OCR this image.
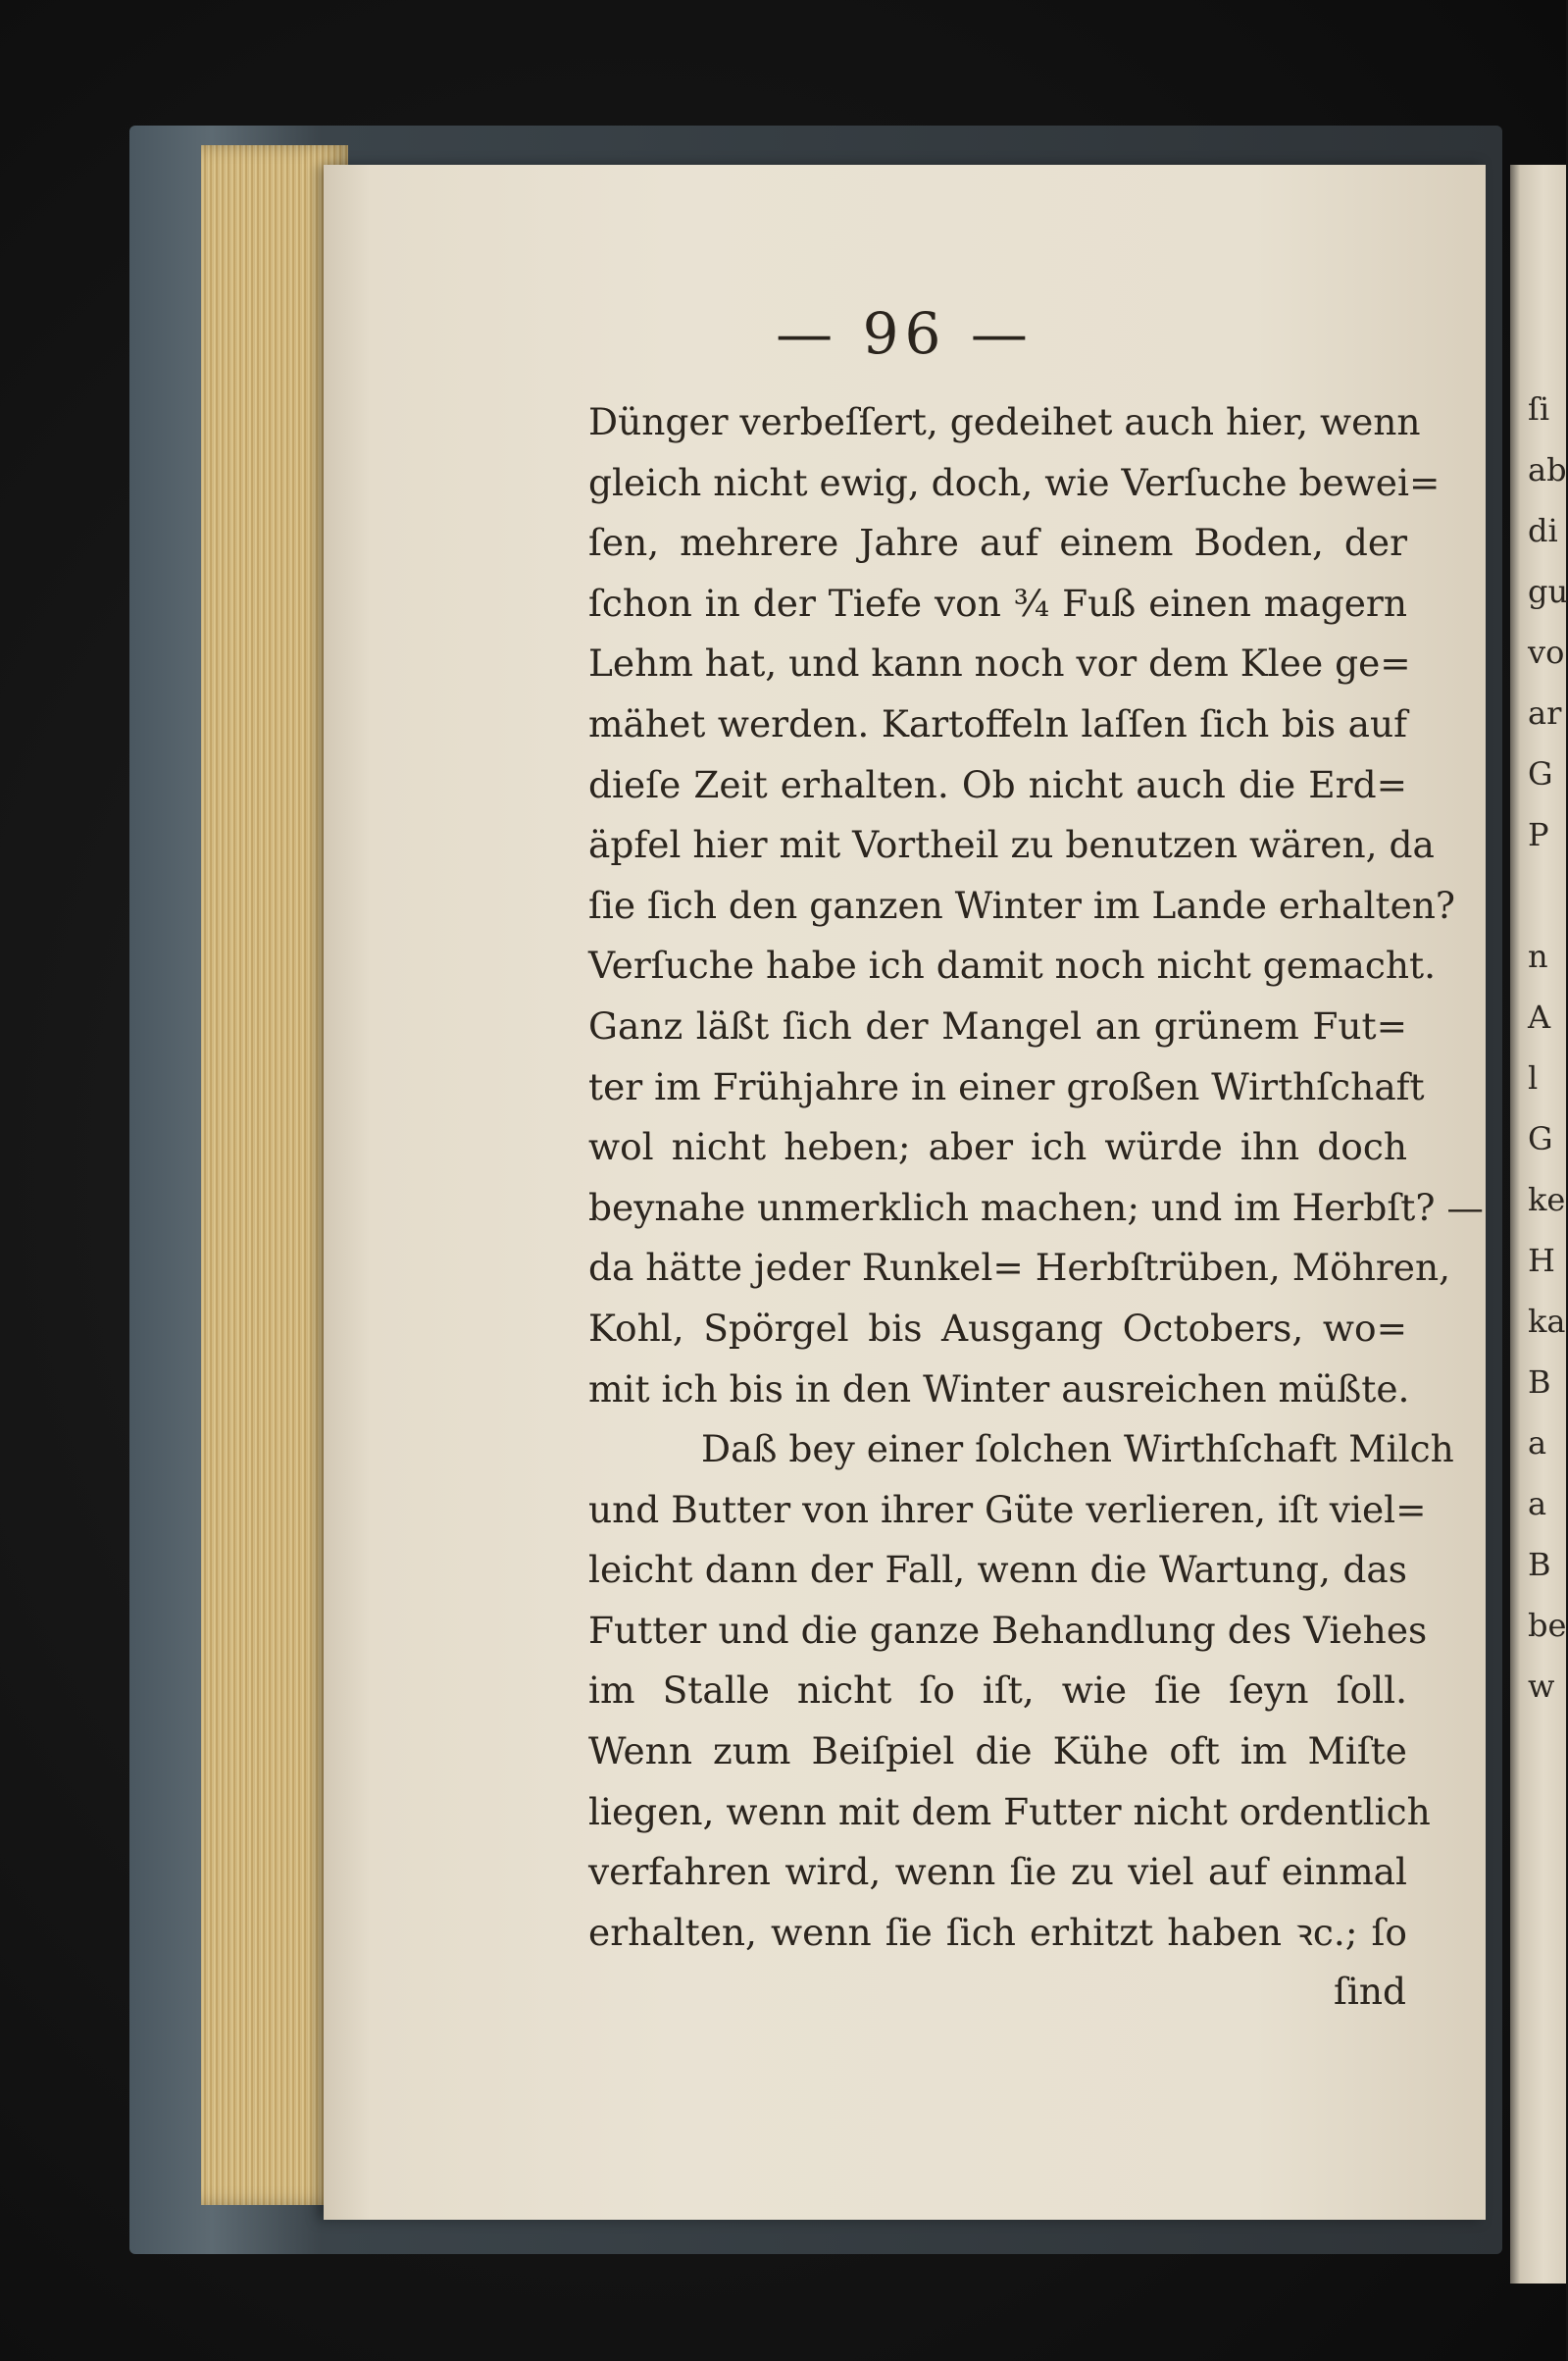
ſi
ab
di
gu
vo
ar
G
P
n
A
l
G
ke
H
ka
B
a
a
B
be
w
— 96 —
Dünger verbeſſert, gedeihet auch hier, wenn
gleich nicht ewig, doch, wie Verſuche bewei=
ſen, mehrere Jahre auf einem Boden, der
ſchon in der Tiefe von ¾ Fuß einen magern
Lehm hat, und kann noch vor dem Klee ge=
mähet werden. Kartoffeln laſſen ſich bis auf
dieſe Zeit erhalten. Ob nicht auch die Erd=
äpfel hier mit Vortheil zu benutzen wären, da
ſie ſich den ganzen Winter im Lande erhalten?
Verſuche habe ich damit noch nicht gemacht.
Ganz läßt ſich der Mangel an grünem Fut=
ter im Frühjahre in einer großen Wirthſchaft
wol nicht heben; aber ich würde ihn doch
beynahe unmerklich machen; und im Herbſt? —
da hätte jeder Runkel= Herbſtrüben, Möhren,
Kohl, Spörgel bis Ausgang Octobers, wo=
mit ich bis in den Winter ausreichen müßte.
Daß bey einer ſolchen Wirthſchaft Milch
und Butter von ihrer Güte verlieren, iſt viel=
leicht dann der Fall, wenn die Wartung, das
Futter und die ganze Behandlung des Viehes
im Stalle nicht ſo iſt, wie ſie ſeyn ſoll.
Wenn zum Beiſpiel die Kühe oft im Miſte
liegen, wenn mit dem Futter nicht ordentlich
verfahren wird, wenn ſie zu viel auf einmal
erhalten, wenn ſie ſich erhitzt haben ꝛc.; ſo
ſind
